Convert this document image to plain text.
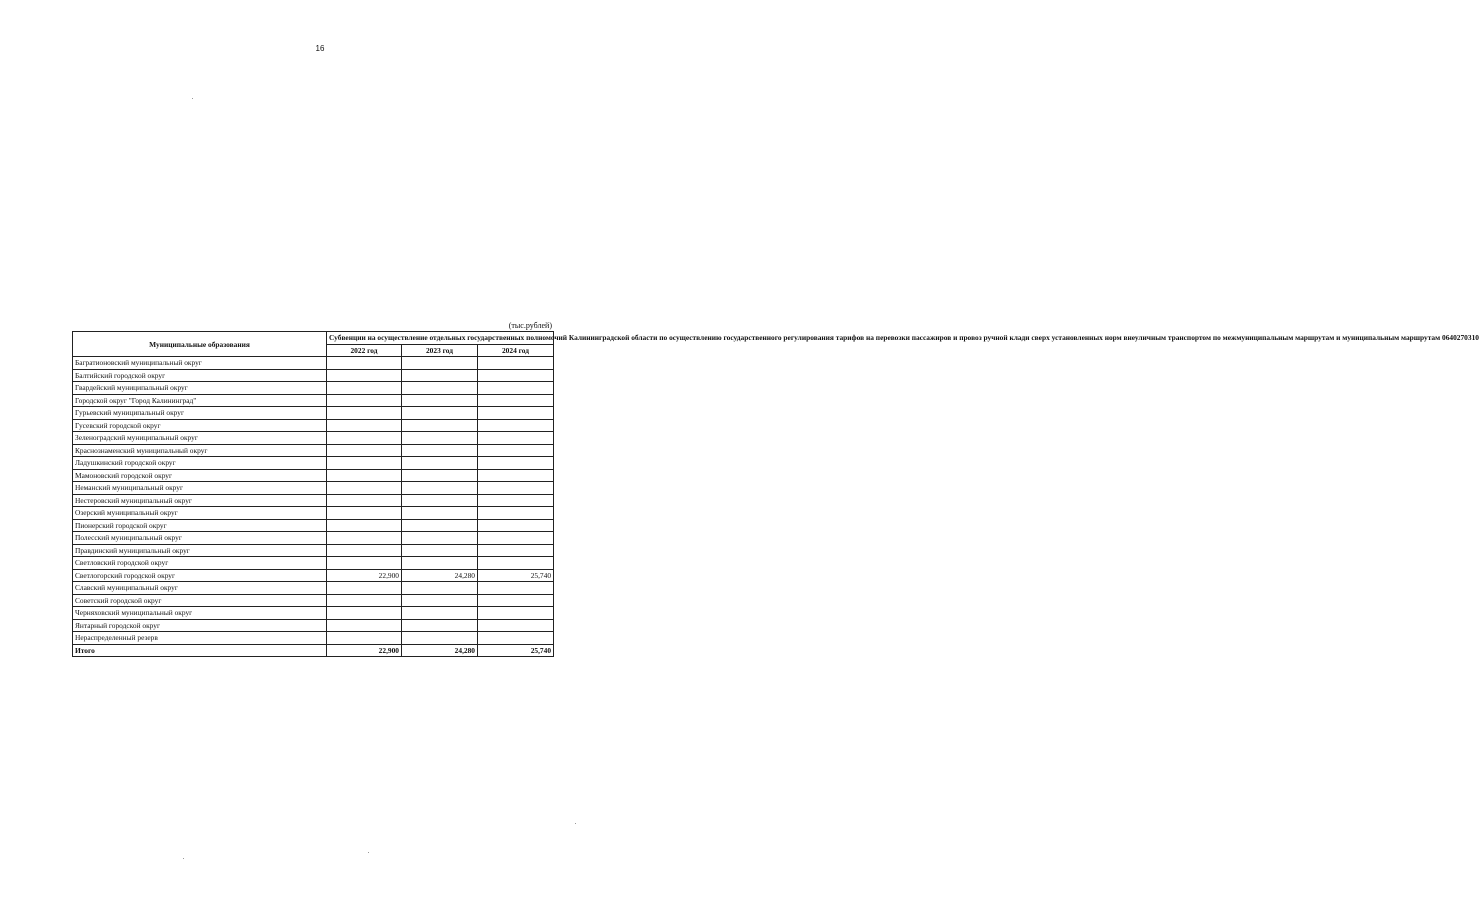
16
(тыс.рублей)
Муниципальные образования	Субвенции на осуществление отдельных государственных полномочий Калининградской области по осуществлению государственного регулирования тарифов на перевозки пассажиров и провоз ручной клади сверх установленных норм внеуличным транспортом по межмуниципальным маршрутам и муниципальным маршрутам 0640270310		
	2022 год	2023 год	2024 год
Багратионовский муниципальный округ			
Балтийский городской округ			
Гвардейский муниципальный округ			
Городской округ "Город Калининград"			
Гурьевский муниципальный округ			
Гусевский городской округ			
Зеленоградский муниципальный округ			
Краснознаменский муниципальный округ			
Ладушкинский городской округ			
Мамоновский городской округ			
Неманский муниципальный округ			
Нестеровский муниципальный округ			
Озерский муниципальный округ			
Пионерский городской округ			
Полесский муниципальный округ			
Правдинский муниципальный округ			
Светловский городской округ			
Светлогорский городской округ	22,900	24,280	25,740
Славский муниципальный округ			
Советский городской округ			
Черняховский муниципальный округ			
Янтарный городской округ			
Нераспределенный резерв			
Итого	22,900	24,280	25,740
